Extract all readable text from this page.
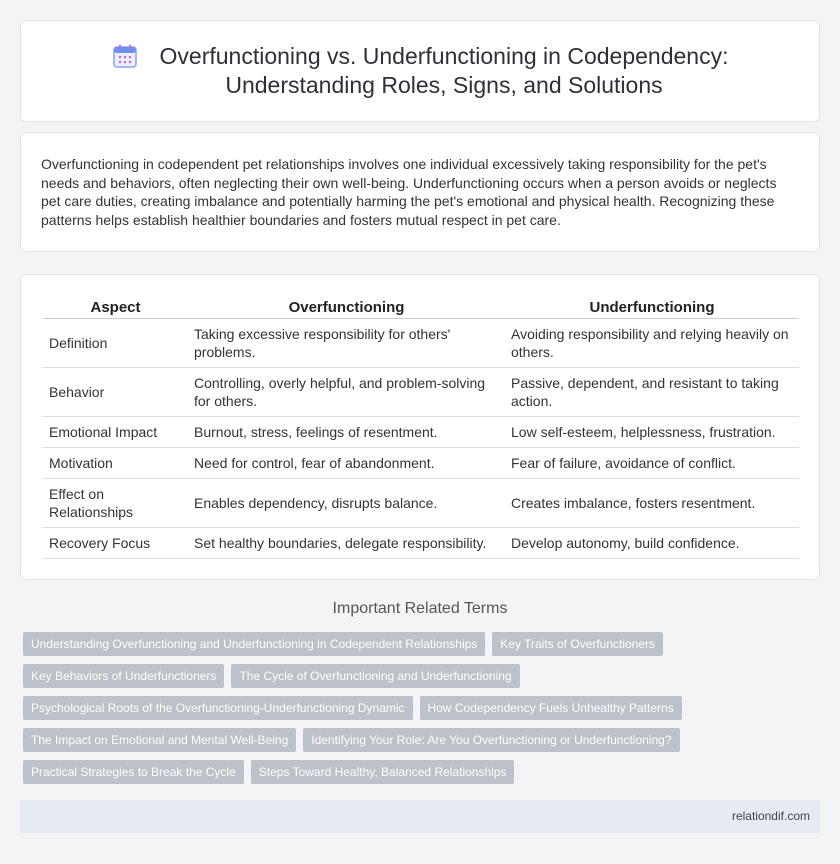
Overfunctioning vs. Underfunctioning in Codependency:
Understanding Roles, Signs, and Solutions

Overfunctioning in codependent pet relationships involves one individual excessively taking responsibility for the pet's needs and behaviors, often neglecting their own well-being. Underfunctioning occurs when a person avoids or neglects pet care duties, creating imbalance and potentially harming the pet's emotional and physical health. Recognizing these patterns helps establish healthier boundaries and fosters mutual respect in pet care.

Aspect	Overfunctioning	Underfunctioning
Definition	Taking excessive responsibility for others' problems.	Avoiding responsibility and relying heavily on others.
Behavior	Controlling, overly helpful, and problem-solving for others.	Passive, dependent, and resistant to taking action.
Emotional Impact	Burnout, stress, feelings of resentment.	Low self-esteem, helplessness, frustration.
Motivation	Need for control, fear of abandonment.	Fear of failure, avoidance of conflict.
Effect on Relationships	Enables dependency, disrupts balance.	Creates imbalance, fosters resentment.
Recovery Focus	Set healthy boundaries, delegate responsibility.	Develop autonomy, build confidence.
Important Related Terms
Understanding Overfunctioning and Underfunctioning in Codependent Relationships	Key Traits of Overfunctioners
Key Behaviors of Underfunctioners	The Cycle of Overfunctioning and Underfunctioning
Psychological Roots of the Overfunctioning-Underfunctioning Dynamic	How Codependency Fuels Unhealthy Patterns
The Impact on Emotional and Mental Well-Being	Identifying Your Role: Are You Overfunctioning or Underfunctioning?
Practical Strategies to Break the Cycle	Steps Toward Healthy, Balanced Relationships
relationdif.com
